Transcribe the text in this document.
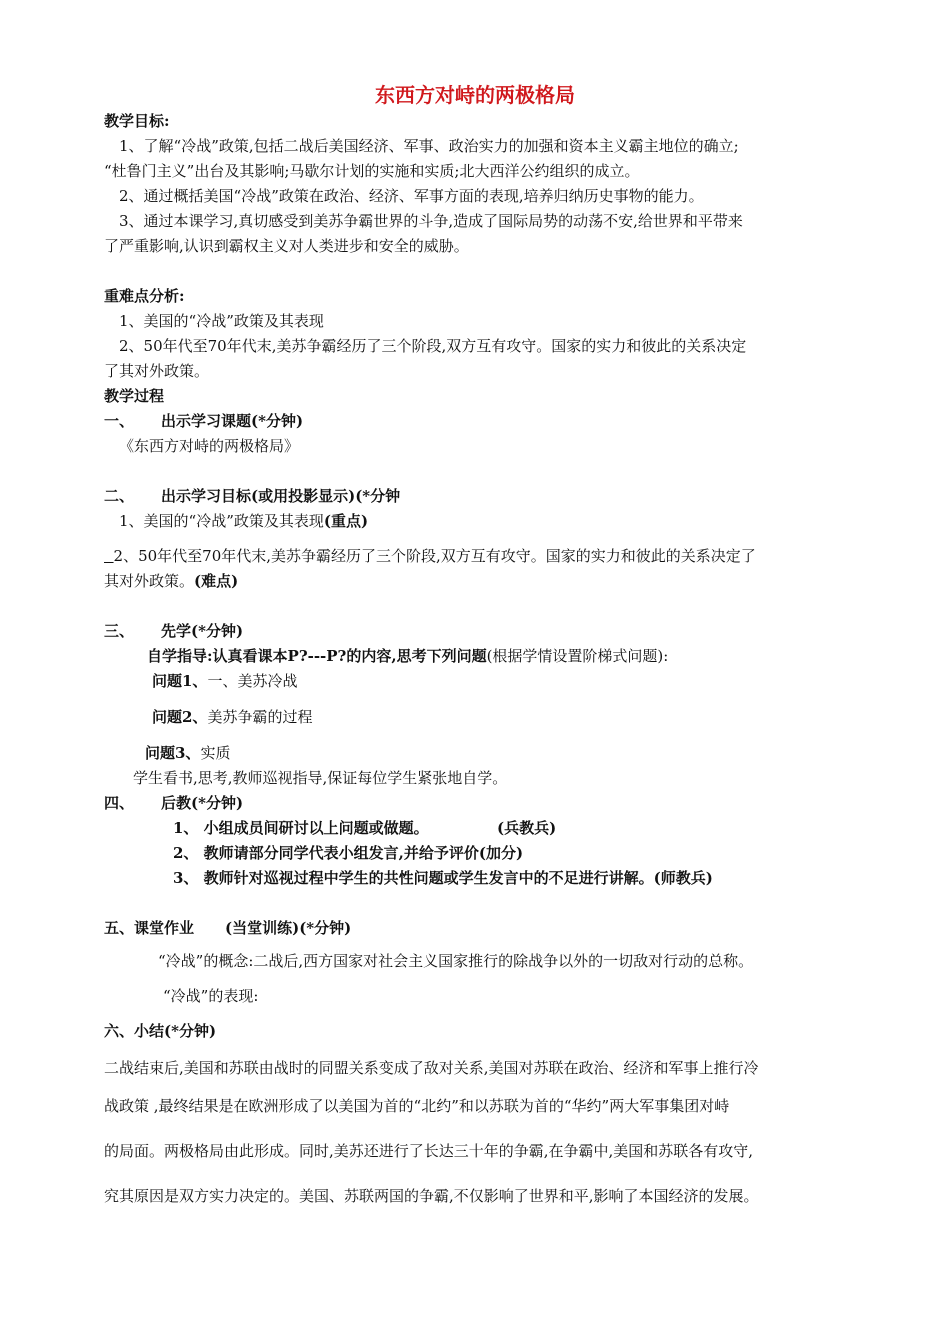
东西方对峙的两极格局
教学目标:
1、了解“冷战”政策,包括二战后美国经济、军事、政治实力的加强和资本主义霸主地位的确立;
“杜鲁门主义”出台及其影响;马歇尔计划的实施和实质;北大西洋公约组织的成立。
2、通过概括美国“冷战”政策在政治、经济、军事方面的表现,培养归纳历史事物的能力。
3、通过本课学习,真切感受到美苏争霸世界的斗争,造成了国际局势的动荡不安,给世界和平带来
了严重影响,认识到霸权主义对人类进步和安全的威胁。
重难点分析:
1、美国的“冷战”政策及其表现
2、50年代至70年代末,美苏争霸经历了三个阶段,双方互有攻守。国家的实力和彼此的关系决定
了其对外政策。
教学过程
一、 出示学习课题(*分钟)
《东西方对峙的两极格局》
二、 出示学习目标(或用投影显示)(*分钟
1、美国的“冷战”政策及其表现(重点)
2、50年代至70年代末,美苏争霸经历了三个阶段,双方互有攻守。国家的实力和彼此的关系决定了
其对外政策。(难点)
三、 先学(*分钟)
自学指导:认真看课本P?---P?的内容,思考下列问题(根据学情设置阶梯式问题):
问题1、一、美苏冷战
问题2、美苏争霸的过程
问题3、实质
学生看书,思考,教师巡视指导,保证每位学生紧张地自学。
四、 后教(*分钟)
1、 小组成员间研讨以上问题或做题。	(兵教兵)
2、 教师请部分同学代表小组发言,并给予评价(加分)
3、 教师针对巡视过程中学生的共性问题或学生发言中的不足进行讲解。(师教兵)
五、课堂作业 (当堂训练)(*分钟)
“冷战”的概念:二战后,西方国家对社会主义国家推行的除战争以外的一切敌对行动的总称。
“冷战”的表现:
六、小结(*分钟)
二战结束后,美国和苏联由战时的同盟关系变成了敌对关系,美国对苏联在政治、经济和军事上推行冷
战政策 ,最终结果是在欧洲形成了以美国为首的“北约”和以苏联为首的“华约”两大军事集团对峙
的局面。两极格局由此形成。同时,美苏还进行了长达三十年的争霸,在争霸中,美国和苏联各有攻守,
究其原因是双方实力决定的。美国、苏联两国的争霸,不仅影响了世界和平,影响了本国经济的发展。
